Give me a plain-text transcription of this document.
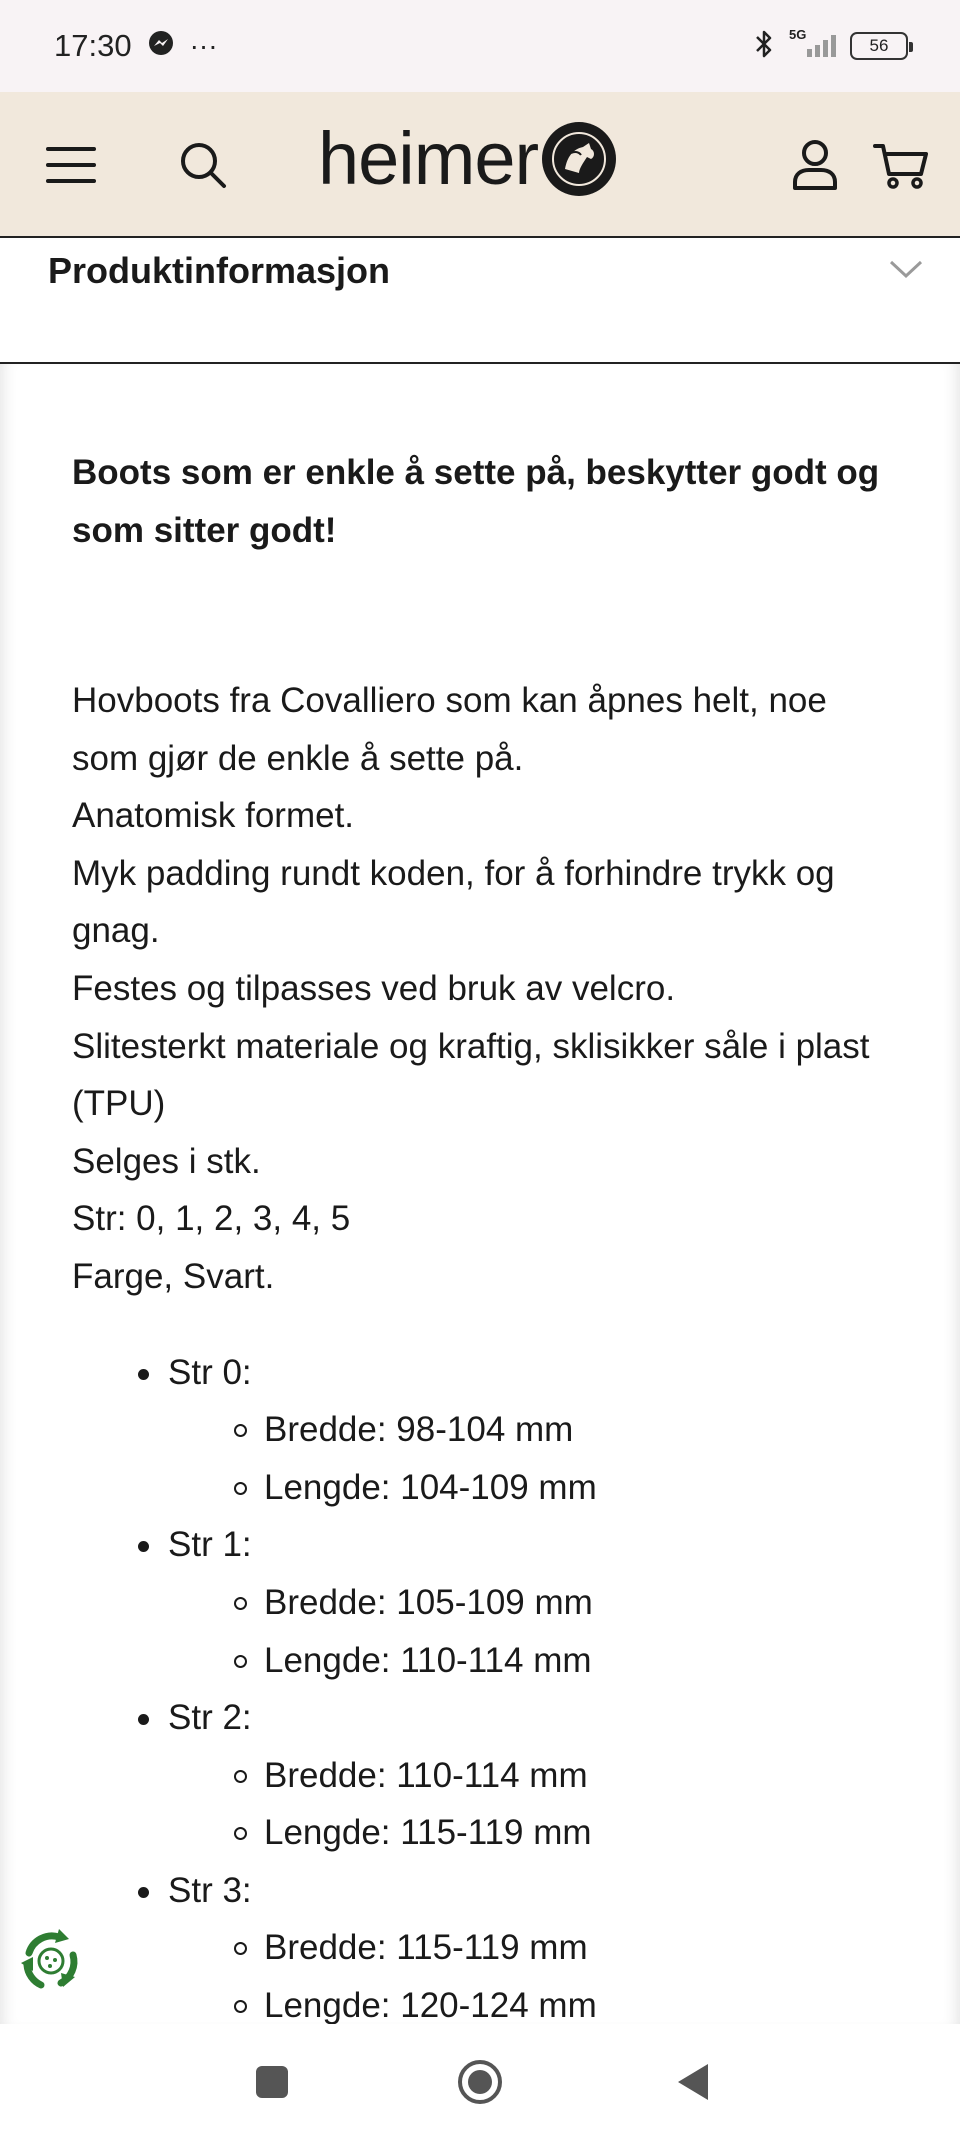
17:30 ···	5G
56
heimer
Produktinformasjon

Boots som er enkle å sette på, beskytter godt og som sitter godt!

Hovboots fra Covalliero som kan åpnes helt, noe som gjør de enkle å sette på.
Anatomisk formet.
Myk padding rundt koden, for å forhindre trykk og gnag.
Festes og tilpasses ved bruk av velcro.
Slitesterkt materiale og kraftig, sklisikker såle i plast (TPU)
Selges i stk.
Str: 0, 1, 2, 3, 4, 5
Farge, Svart.
Str 0:
Bredde: 98-104 mm
Lengde: 104-109 mm
Str 1:
Bredde: 105-109 mm
Lengde: 110-114 mm
Str 2:
Bredde: 110-114 mm
Lengde: 115-119 mm
Str 3:
Bredde: 115-119 mm
Lengde: 120-124 mm
